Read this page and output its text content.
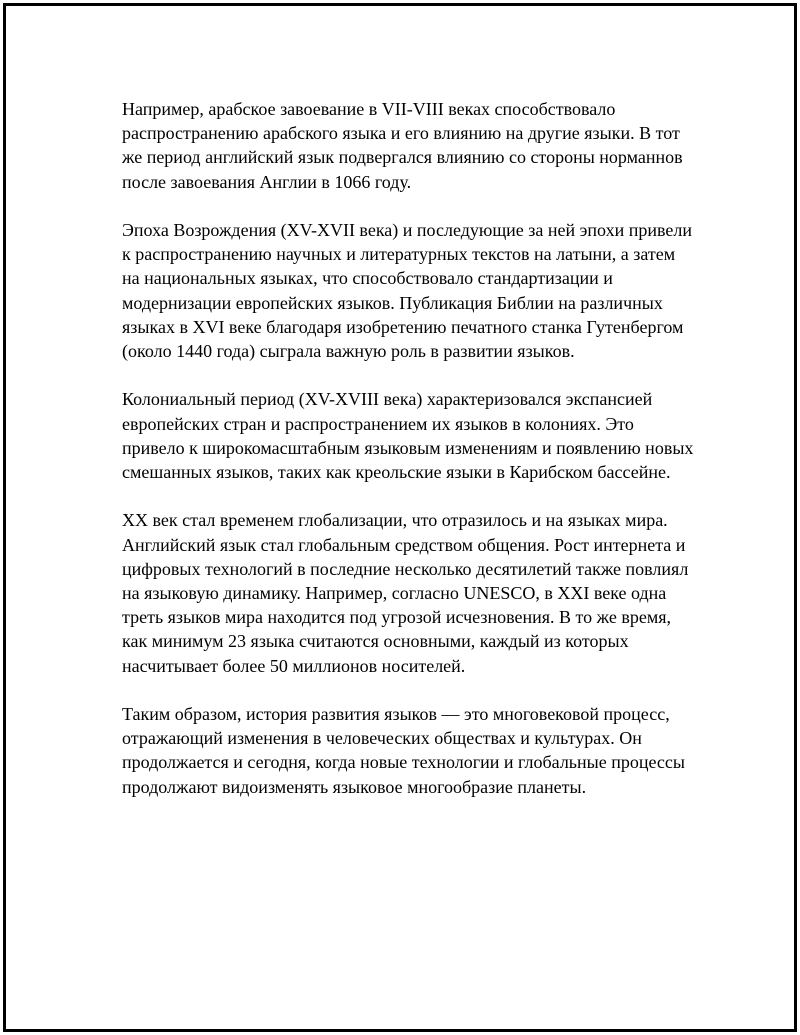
Например, арабское завоевание в VII-VIII веках способствовало распространению арабского языка и его влиянию на другие языки. В тот же период английский язык подвергался влиянию со стороны норманнов после завоевания Англии в 1066 году.

Эпоха Возрождения (XV-XVII века) и последующие за ней эпохи привели к распространению научных и литературных текстов на латыни, а затем на национальных языках, что способствовало стандартизации и модернизации европейских языков. Публикация Библии на различных языках в XVI веке благодаря изобретению печатного станка Гутенбергом (около 1440 года) сыграла важную роль в развитии языков.

Колониальный период (XV-XVIII века) характеризовался экспансией европейских стран и распространением их языков в колониях. Это привело к широкомасштабным языковым изменениям и появлению новых смешанных языков, таких как креольские языки в Карибском бассейне.

XX век стал временем глобализации, что отразилось и на языках мира. Английский язык стал глобальным средством общения. Рост интернета и цифровых технологий в последние несколько десятилетий также повлиял на языковую динамику. Например, согласно UNESCO, в XXI веке одна треть языков мира находится под угрозой исчезновения. В то же время, как минимум 23 языка считаются основными, каждый из которых насчитывает более 50 миллионов носителей.

Таким образом, история развития языков — это многовековой процесс, отражающий изменения в человеческих обществах и культурах. Он продолжается и сегодня, когда новые технологии и глобальные процессы продолжают видоизменять языковое многообразие планеты.
